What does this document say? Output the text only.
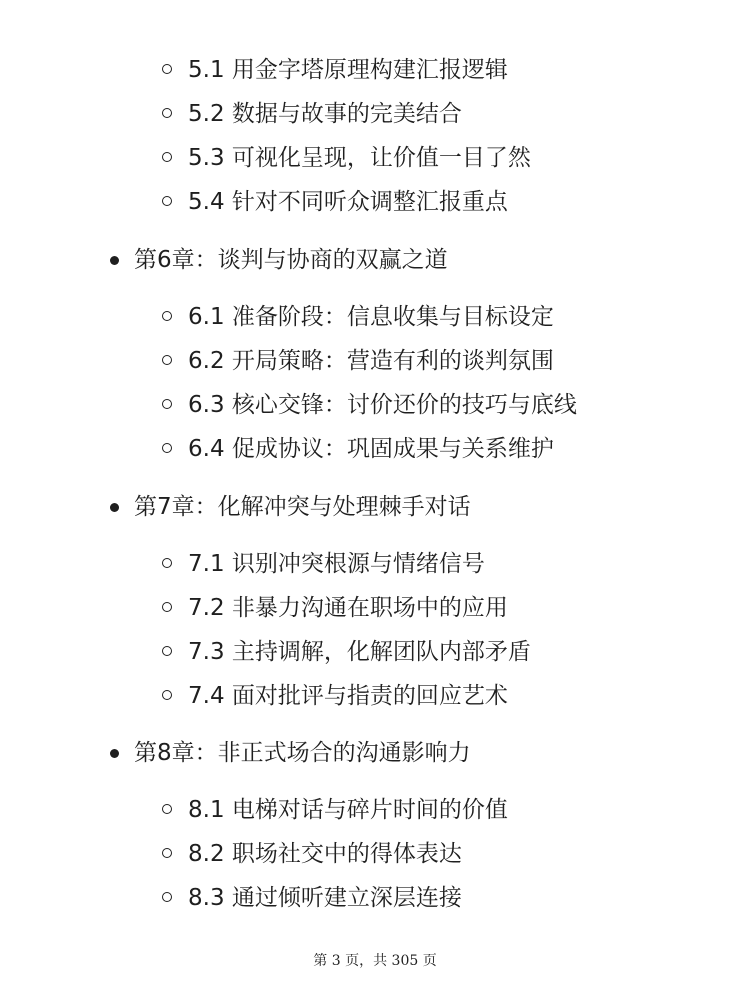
5.1 用金字塔原理构建汇报逻辑
5.2 数据与故事的完美结合
5.3 可视化呈现，让价值一目了然
5.4 针对不同听众调整汇报重点
第6章：谈判与协商的双赢之道
6.1 准备阶段：信息收集与目标设定
6.2 开局策略：营造有利的谈判氛围
6.3 核心交锋：讨价还价的技巧与底线
6.4 促成协议：巩固成果与关系维护
第7章：化解冲突与处理棘手对话
7.1 识别冲突根源与情绪信号
7.2 非暴力沟通在职场中的应用
7.3 主持调解，化解团队内部矛盾
7.4 面对批评与指责的回应艺术
第8章：非正式场合的沟通影响力
8.1 电梯对话与碎片时间的价值
8.2 职场社交中的得体表达
8.3 通过倾听建立深层连接
第 3 页，共 305 页
